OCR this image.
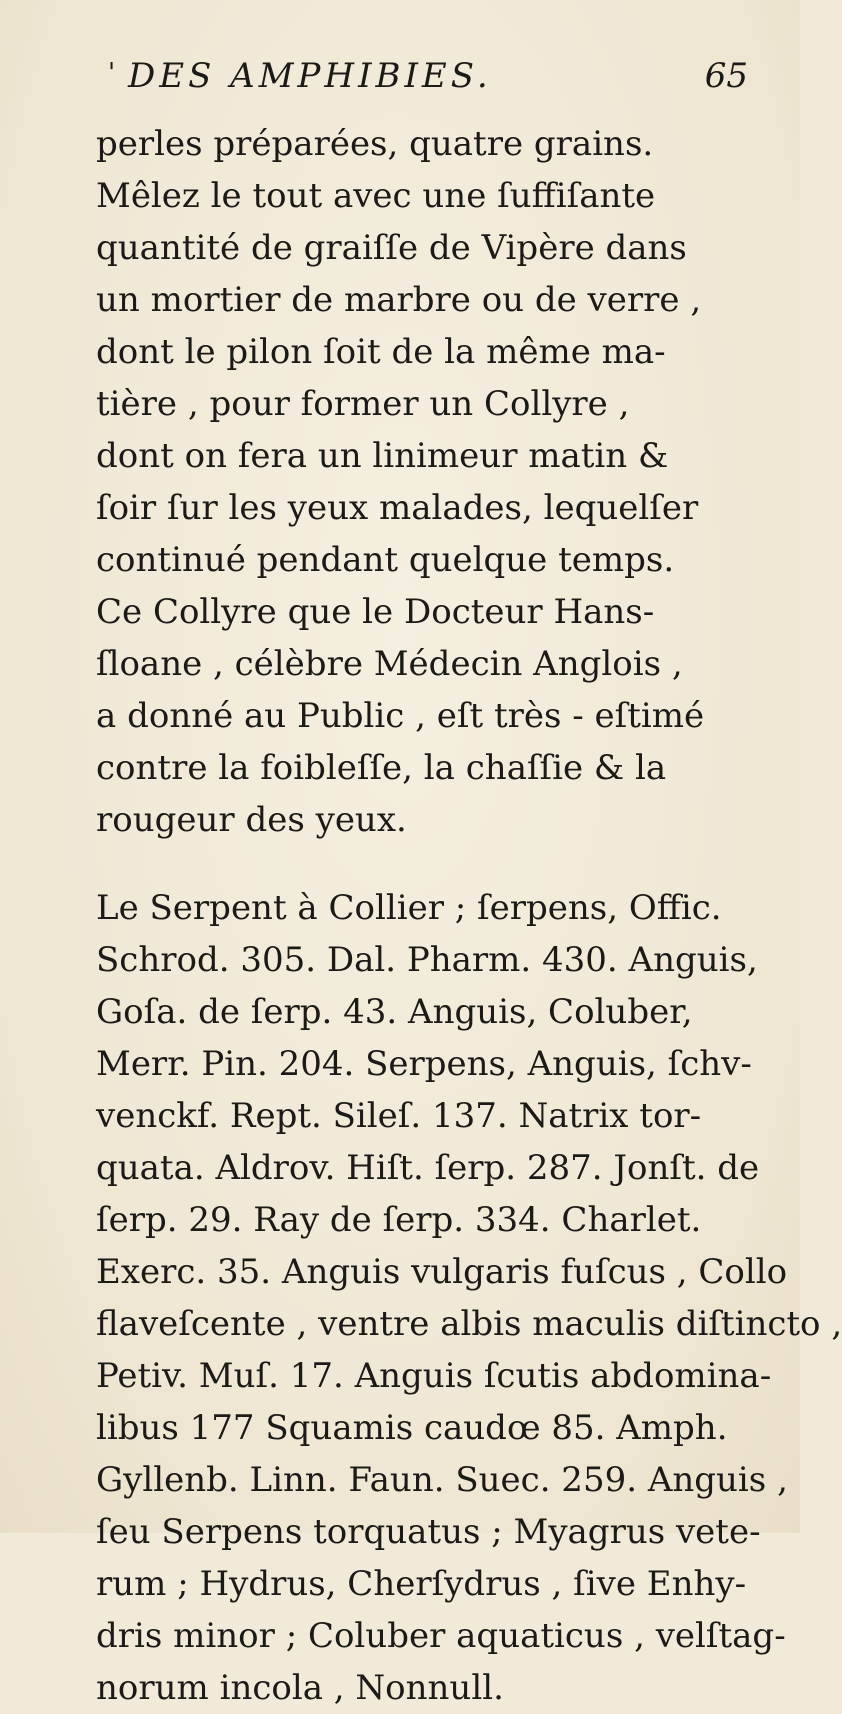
' DES AMPHIBIES.	65
perles préparées, quatre grains.
Mêlez le tout avec une ſuffiſante
quantité de graiſſe de Vipère dans
un mortier de marbre ou de verre ,
dont le pilon ſoit de la même ma-
tière , pour former un Collyre ,
dont on fera un linimeur matin &
ſoir ſur les yeux malades, lequelſer
continué pendant quelque temps.
Ce Collyre que le Docteur Hans-
ſloane , célèbre Médecin Anglois ,
a donné au Public , eſt très - eſtimé
contre la foibleſſe, la chaſſie & la
rougeur des yeux.
Le Serpent à Collier ; ſerpens, Offic.
Schrod. 305. Dal. Pharm. 430. Anguis,
Goſa. de ſerp. 43. Anguis, Coluber,
Merr. Pin. 204. Serpens, Anguis, ſchv-
venckf. Rept. Sileſ. 137. Natrix tor-
quata. Aldrov. Hiſt. ſerp. 287. Jonſt. de
ſerp. 29. Ray de ſerp. 334. Charlet.
Exerc. 35. Anguis vulgaris fuſcus , Collo
flaveſcente , ventre albis maculis diſtincto ,
Petiv. Muſ. 17. Anguis ſcutis abdomina-
libus 177 Squamis caudœ 85. Amph.
Gyllenb. Linn. Faun. Suec. 259. Anguis ,
ſeu Serpens torquatus ; Myagrus vete-
rum ; Hydrus, Cherſydrus , ſive Enhy-
dris minor ; Coluber aquaticus , velſtag-
norum incola , Nonnull.
